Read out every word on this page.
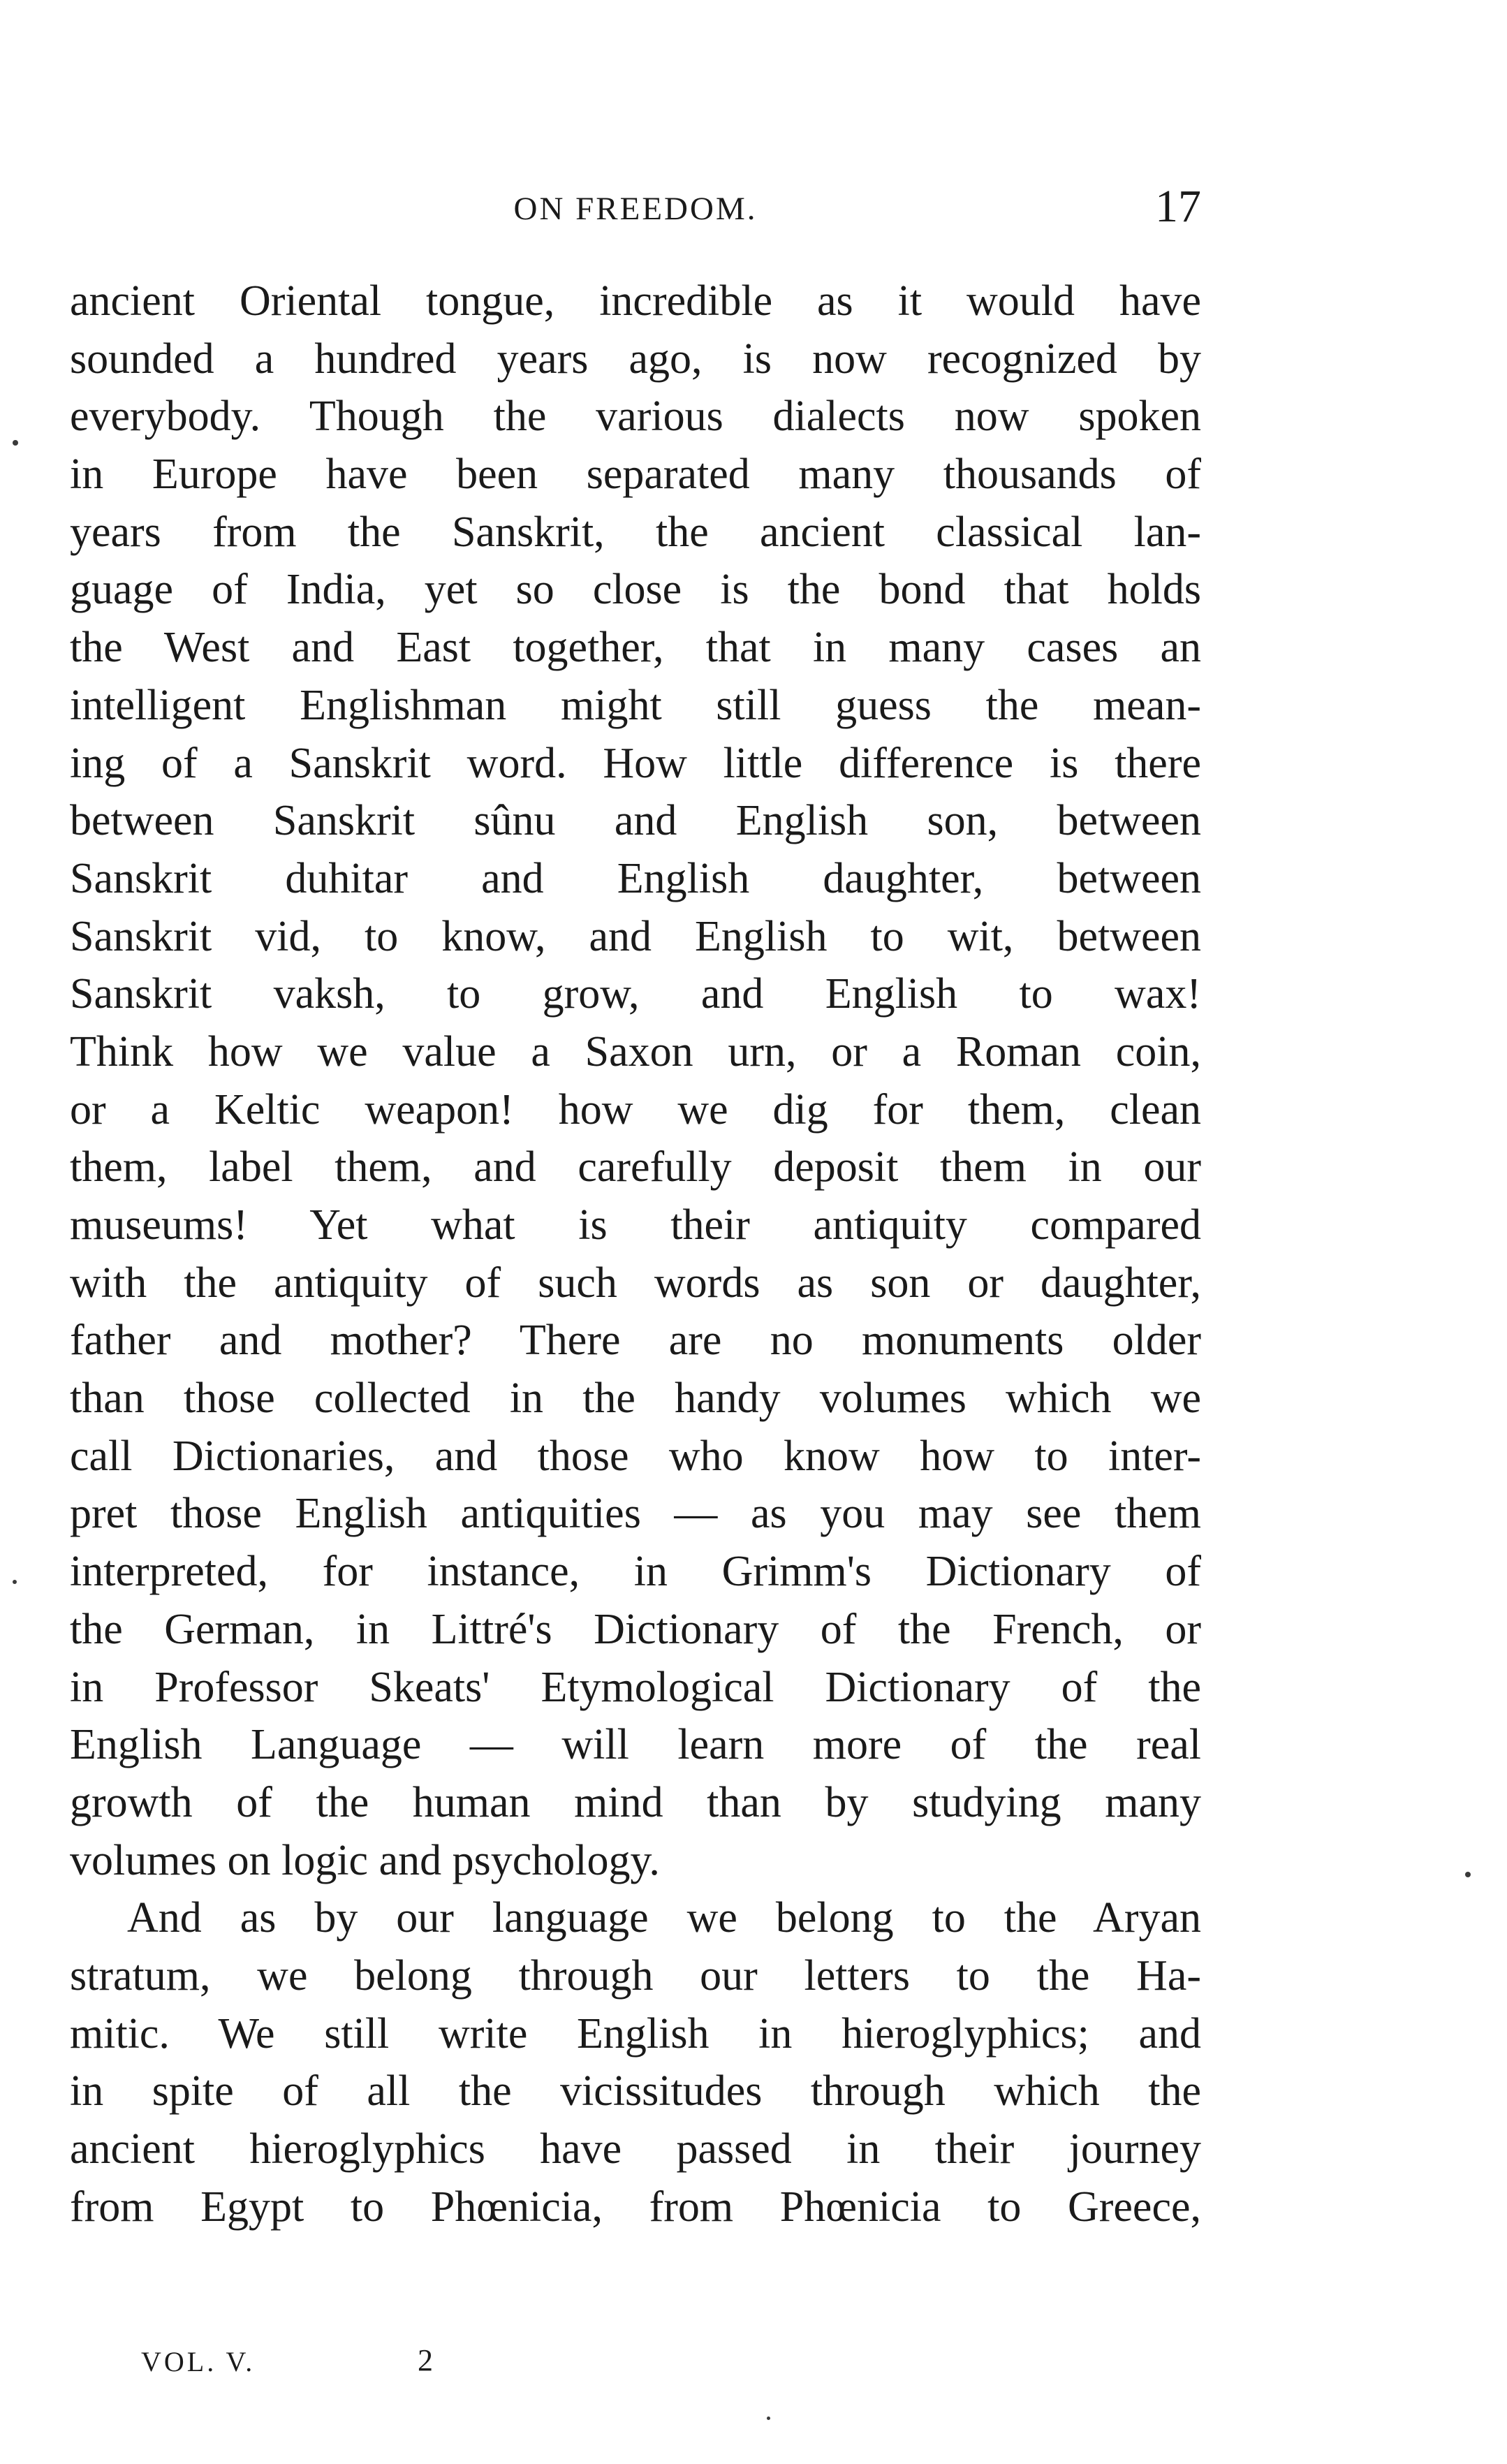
ON FREEDOM.	17
ancient Oriental tongue, incredible as it would have
sounded a hundred years ago, is now recognized by
everybody. Though the various dialects now spoken
in Europe have been separated many thousands of
years from the Sanskrit, the ancient classical lan-
guage of India, yet so close is the bond that holds
the West and East together, that in many cases an
intelligent Englishman might still guess the mean-
ing of a Sanskrit word. How little difference is there
between Sanskrit sûnu and English son, between
Sanskrit duhitar and English daughter, between
Sanskrit vid, to know, and English to wit, between
Sanskrit vaksh, to grow, and English to wax!
Think how we value a Saxon urn, or a Roman coin,
or a Keltic weapon! how we dig for them, clean
them, label them, and carefully deposit them in our
museums! Yet what is their antiquity compared
with the antiquity of such words as son or daughter,
father and mother? There are no monuments older
than those collected in the handy volumes which we
call Dictionaries, and those who know how to inter-
pret those English antiquities — as you may see them
interpreted, for instance, in Grimm's Dictionary of
the German, in Littré's Dictionary of the French, or
in Professor Skeats' Etymological Dictionary of the
English Language — will learn more of the real
growth of the human mind than by studying many
volumes on logic and psychology.
And as by our language we belong to the Aryan
stratum, we belong through our letters to the Ha-
mitic. We still write English in hieroglyphics; and
in spite of all the vicissitudes through which the
ancient hieroglyphics have passed in their journey
from Egypt to Phœnicia, from Phœnicia to Greece,
VOL. V.	2
